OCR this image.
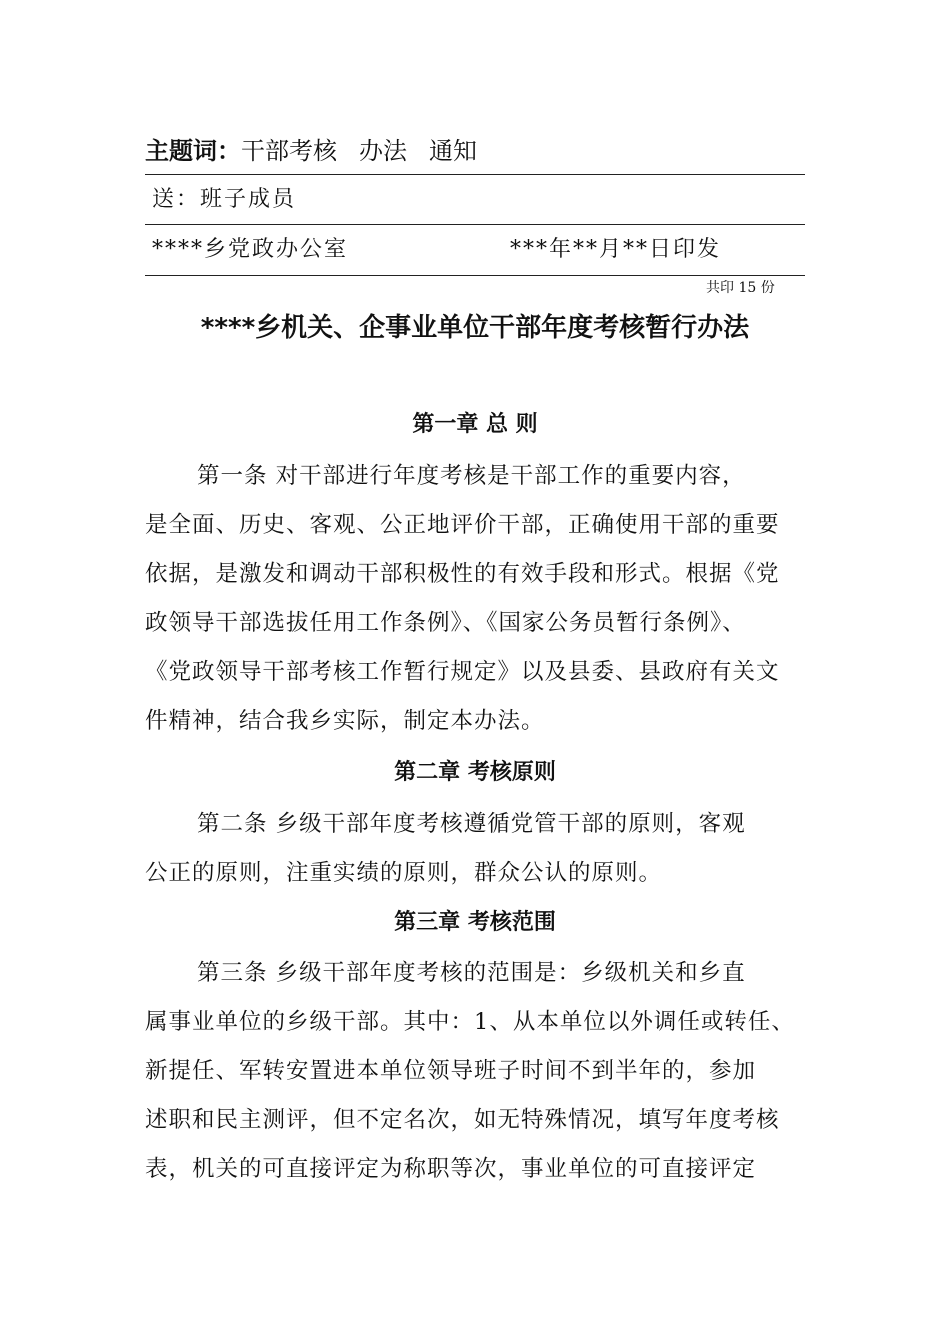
主题词：干部考核 办法 通知
送：班子成员
****乡党政办公室	***年**月**日印发
共印 15 份
****乡机关、企事业单位干部年度考核暂行办法
第一章 总 则
第一条 对干部进行年度考核是干部工作的重要内容，
是全面、历史、客观、公正地评价干部，正确使用干部的重要
依据，是激发和调动干部积极性的有效手段和形式。根据《党
政领导干部选拔任用工作条例》、《国家公务员暂行条例》、
《党政领导干部考核工作暂行规定》以及县委、县政府有关文
件精神，结合我乡实际，制定本办法。
第二章 考核原则
第二条 乡级干部年度考核遵循党管干部的原则，客观
公正的原则，注重实绩的原则，群众公认的原则。
第三章 考核范围
第三条 乡级干部年度考核的范围是：乡级机关和乡直
属事业单位的乡级干部。其中：1、从本单位以外调任或转任、
新提任、军转安置进本单位领导班子时间不到半年的，参加
述职和民主测评，但不定名次，如无特殊情况，填写年度考核
表，机关的可直接评定为称职等次，事业单位的可直接评定
